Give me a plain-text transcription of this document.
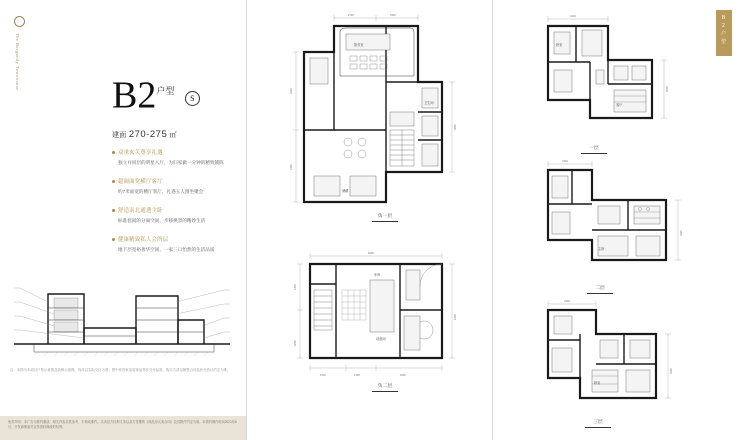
The Burgundy Townhouse
$B2^{户型}$ S
建面 270-275 ㎡
双重玄关尊享礼遇
独立并同层的明星入厅，为归家做一分钟的精致铺陈
超阔面宽横厅客厅
约7米面宽的横厅客厅，礼遇五人围坐聚会
舒适南北通透主卧
标准套间的分离空间，步移换景的精妙生活
健康精致私人会所层
地下层宽裕奢华空间，一家三口怡然的生活品质
注：本图为本项目户型示意图及装修示意图，具体以实际交付为准；图中家具家电装饰品等非交付标准，购买方请以销售合同及补充协议约定为准。
免责声明：本广告为要约邀请，相关内容仅供参考，不构成要约。买卖双方权利义务以双方签署的《商品房买卖合同》及其附件约定为准。本资料制作时间2021年6月，开发商保留对宣传资料修改的权利。
2700	3300
3200
2100
3600
影音室
储藏
卫生间
负一层
6000
2400
3000
1500	1300	3200
2400
车库
设备间
负二层
B
2
户
型
4200
3000
卧室
客厅
一层
3300
3200
主卧
二层
3300
3400
卧室
三层
